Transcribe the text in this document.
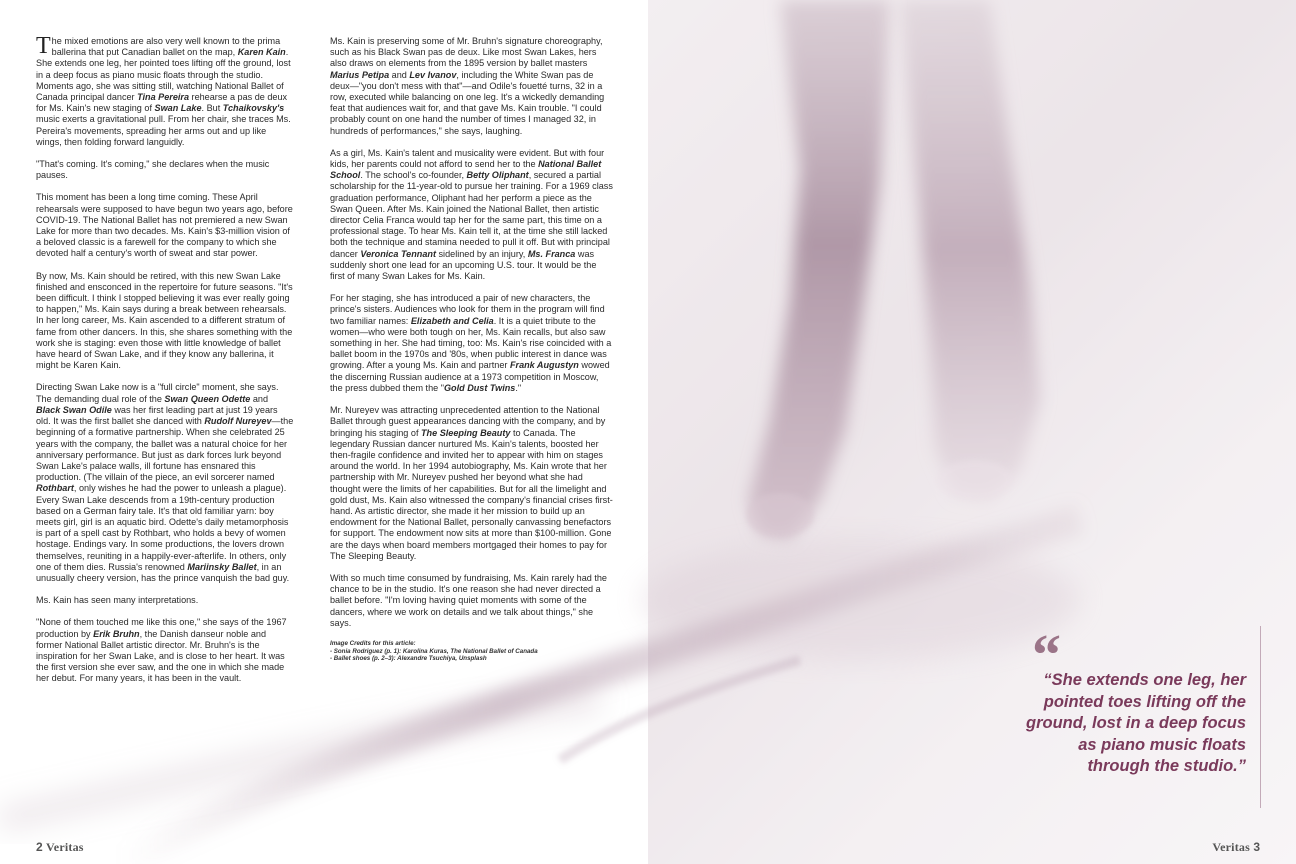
The mixed emotions are also very well known to the prima ballerina that put Canadian ballet on the map, Karen Kain. She extends one leg, her pointed toes lifting off the ground, lost in a deep focus as piano music floats through the studio. Moments ago, she was sitting still, watching National Ballet of Canada principal dancer Tina Pereira rehearse a pas de deux for Ms. Kain's new staging of Swan Lake. But Tchaikovsky's music exerts a gravitational pull. From her chair, she traces Ms. Pereira's movements, spreading her arms out and up like wings, then folding forward languidly.

"That's coming. It's coming," she declares when the music pauses.

This moment has been a long time coming. These April rehearsals were supposed to have begun two years ago, before COVID-19. The National Ballet has not premiered a new Swan Lake for more than two decades. Ms. Kain's $3-million vision of a beloved classic is a farewell for the company to which she devoted half a century's worth of sweat and star power.

By now, Ms. Kain should be retired, with this new Swan Lake finished and ensconced in the repertoire for future seasons. "It's been difficult. I think I stopped believing it was ever really going to happen," Ms. Kain says during a break between rehearsals. In her long career, Ms. Kain ascended to a different stratum of fame from other dancers. In this, she shares something with the work she is staging: even those with little knowledge of ballet have heard of Swan Lake, and if they know any ballerina, it might be Karen Kain.

Directing Swan Lake now is a "full circle" moment, she says. The demanding dual role of the Swan Queen Odette and Black Swan Odile was her first leading part at just 19 years old. It was the first ballet she danced with Rudolf Nureyev—the beginning of a formative partnership. When she celebrated 25 years with the company, the ballet was a natural choice for her anniversary performance. But just as dark forces lurk beyond Swan Lake's palace walls, ill fortune has ensnared this production. (The villain of the piece, an evil sorcerer named Rothbart, only wishes he had the power to unleash a plague). Every Swan Lake descends from a 19th-century production based on a German fairy tale. It's that old familiar yarn: boy meets girl, girl is an aquatic bird. Odette's daily metamorphosis is part of a spell cast by Rothbart, who holds a bevy of women hostage. Endings vary. In some productions, the lovers drown themselves, reuniting in a happily-ever-afterlife. In others, only one of them dies. Russia's renowned Mariinsky Ballet, in an unusually cheery version, has the prince vanquish the bad guy.

Ms. Kain has seen many interpretations.

"None of them touched me like this one," she says of the 1967 production by Erik Bruhn, the Danish danseur noble and former National Ballet artistic director. Mr. Bruhn's is the inspiration for her Swan Lake, and is close to her heart. It was the first version she ever saw, and the one in which she made her debut. For many years, it has been in the vault.

Ms. Kain is preserving some of Mr. Bruhn's signature choreography, such as his Black Swan pas de deux. Like most Swan Lakes, hers also draws on elements from the 1895 version by ballet masters Marius Petipa and Lev Ivanov, including the White Swan pas de deux—"you don't mess with that"—and Odile's fouetté turns, 32 in a row, executed while balancing on one leg. It's a wickedly demanding feat that audiences wait for, and that gave Ms. Kain trouble. "I could probably count on one hand the number of times I managed 32, in hundreds of performances," she says, laughing.

As a girl, Ms. Kain's talent and musicality were evident. But with four kids, her parents could not afford to send her to the National Ballet School. The school's co-founder, Betty Oliphant, secured a partial scholarship for the 11-year-old to pursue her training. For a 1969 class graduation performance, Oliphant had her perform a piece as the Swan Queen. After Ms. Kain joined the National Ballet, then artistic director Celia Franca would tap her for the same part, this time on a professional stage. To hear Ms. Kain tell it, at the time she still lacked both the technique and stamina needed to pull it off. But with principal dancer Veronica Tennant sidelined by an injury, Ms. Franca was suddenly short one lead for an upcoming U.S. tour. It would be the first of many Swan Lakes for Ms. Kain.

For her staging, she has introduced a pair of new characters, the prince's sisters. Audiences who look for them in the program will find two familiar names: Elizabeth and Celia. It is a quiet tribute to the women—who were both tough on her, Ms. Kain recalls, but also saw something in her. She had timing, too: Ms. Kain's rise coincided with a ballet boom in the 1970s and '80s, when public interest in dance was growing. After a young Ms. Kain and partner Frank Augustyn wowed the discerning Russian audience at a 1973 competition in Moscow, the press dubbed them the "Gold Dust Twins."

Mr. Nureyev was attracting unprecedented attention to the National Ballet through guest appearances dancing with the company, and by bringing his staging of The Sleeping Beauty to Canada. The legendary Russian dancer nurtured Ms. Kain's talents, boosted her then-fragile confidence and invited her to appear with him on stages around the world. In her 1994 autobiography, Ms. Kain wrote that her partnership with Mr. Nureyev pushed her beyond what she had thought were the limits of her capabilities. But for all the limelight and gold dust, Ms. Kain also witnessed the company's financial crises first-hand. As artistic director, she made it her mission to build up an endowment for the National Ballet, personally canvassing benefactors for support. The endowment now sits at more than $100-million. Gone are the days when board members mortgaged their homes to pay for The Sleeping Beauty.

With so much time consumed by fundraising, Ms. Kain rarely had the chance to be in the studio. It's one reason she had never directed a ballet before. "I'm loving having quiet moments with some of the dancers, where we work on details and we talk about things," she says.

Image Credits for this article:
- Sonia Rodriguez (p. 1): Karolina Kuras, The National Ballet of Canada
- Ballet shoes (p. 2–3): Alexandre Tsuchiya, Unsplash	“
“She extends one leg, her pointed toes lifting off the ground, lost in a deep focus as piano music floats through the studio.”
2 Veritas	Veritas 3
